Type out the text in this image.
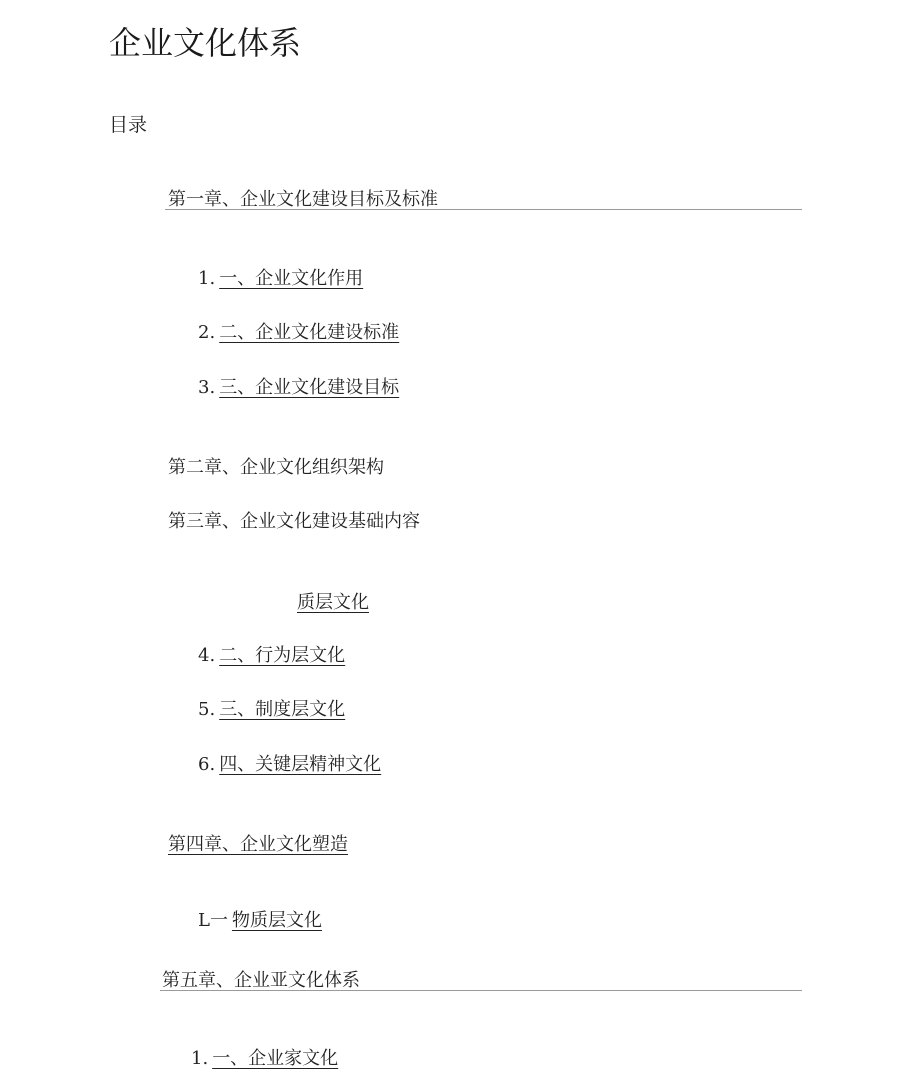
企业文化体系
目录
第一章、企业文化建设目标及标准
1. 一、企业文化作用
2. 二、企业文化建设标准
3. 三、企业文化建设目标
第二章、企业文化组织架构
第三章、企业文化建设基础内容
质层文化
4. 二、行为层文化
5. 三、制度层文化
6. 四、关键层精神文化
第四章、企业文化塑造
L一 物质层文化
第五章、企业亚文化体系
1. 一、企业家文化
